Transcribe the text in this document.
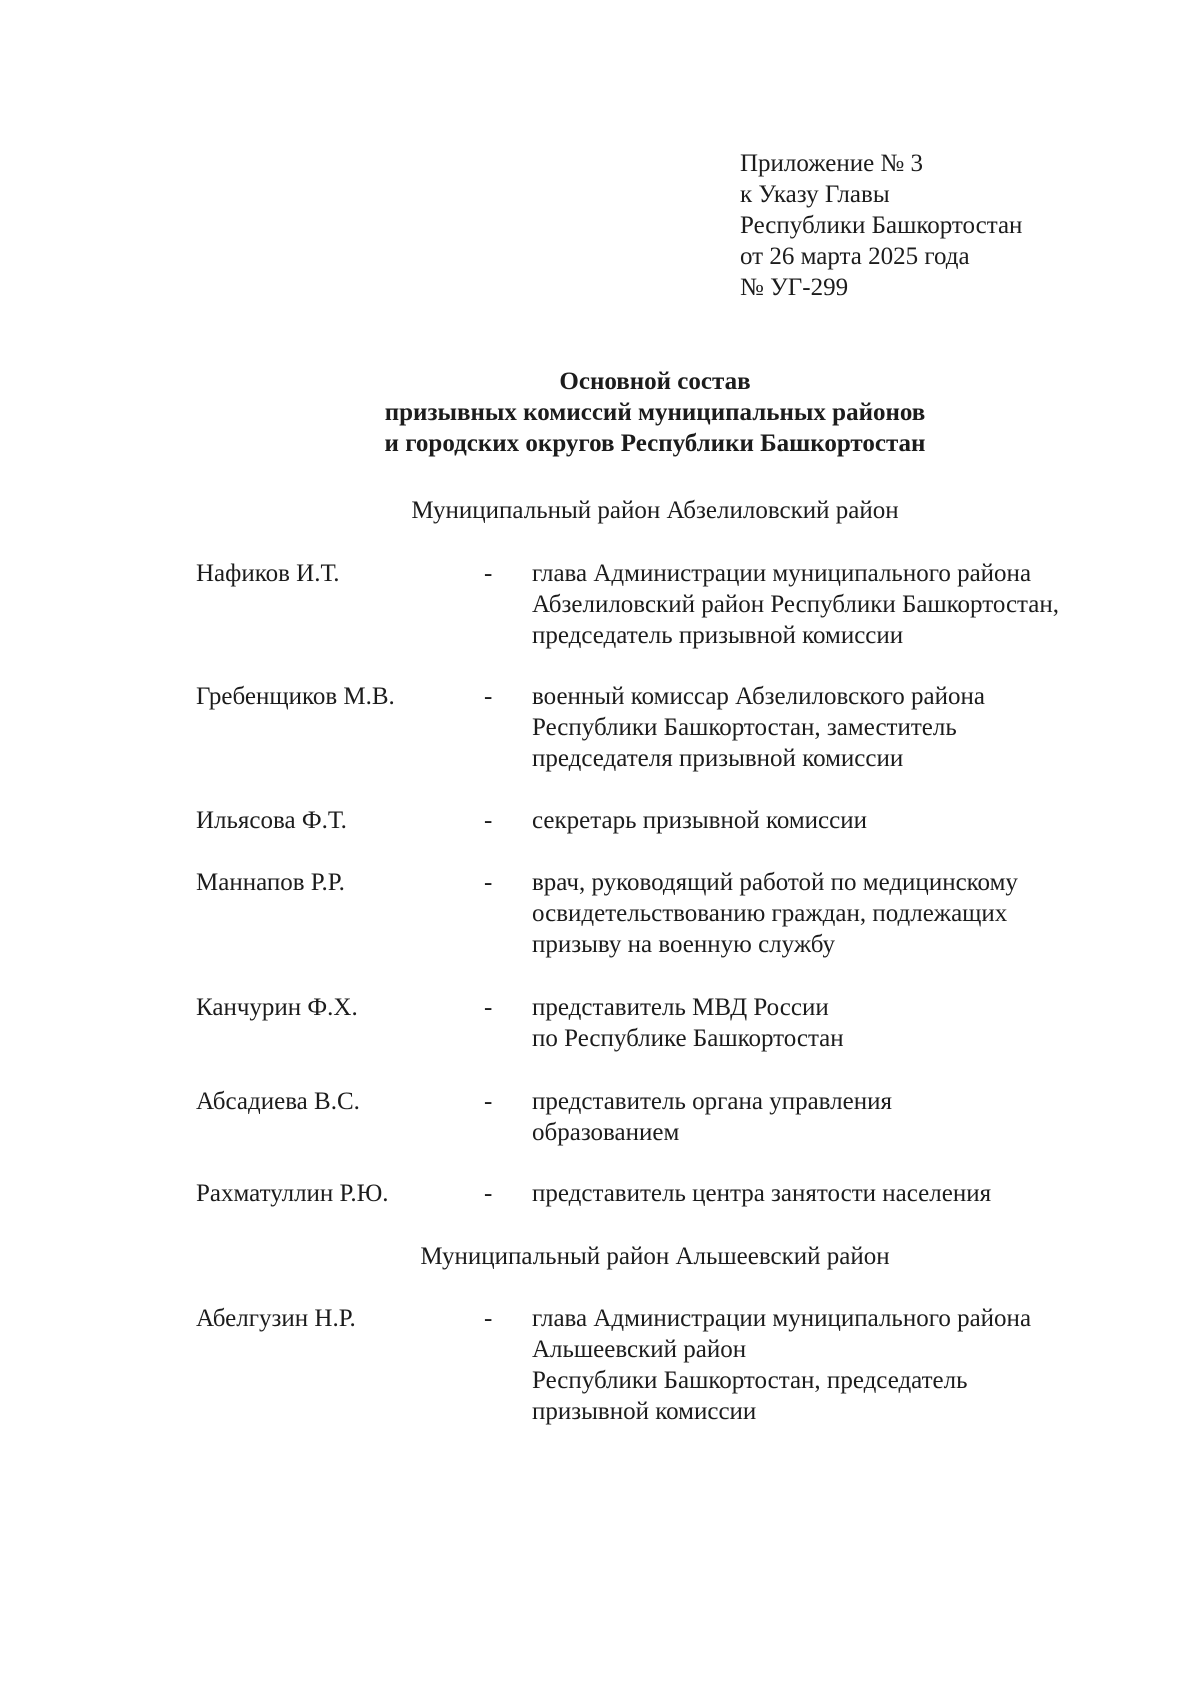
Приложение № 3
к Указу Главы
Республики Башкортостан
от 26 марта 2025 года
№ УГ-299
Основной состав
призывных комиссий муниципальных районов
и городских округов Республики Башкортостан
Муниципальный район Абзелиловский район
Нафиков И.Т.	- глава Администрации муниципального района
Абзелиловский район Республики Башкортостан,
председатель призывной комиссии
Гребенщиков М.В.	- военный комиссар Абзелиловского района
Республики Башкортостан, заместитель
председателя призывной комиссии
Ильясова Ф.Т.	- секретарь призывной комиссии
Маннапов Р.Р.	- врач, руководящий работой по медицинскому
освидетельствованию граждан, подлежащих
призыву на военную службу
Канчурин Ф.Х.	- представитель МВД России
по Республике Башкортостан
Абсадиева В.С.	- представитель органа управления
образованием
Рахматуллин Р.Ю.	- представитель центра занятости населения
Муниципальный район Альшеевский район
Абелгузин Н.Р.	- глава Администрации муниципального района
Альшеевский район
Республики Башкортостан, председатель
призывной комиссии
